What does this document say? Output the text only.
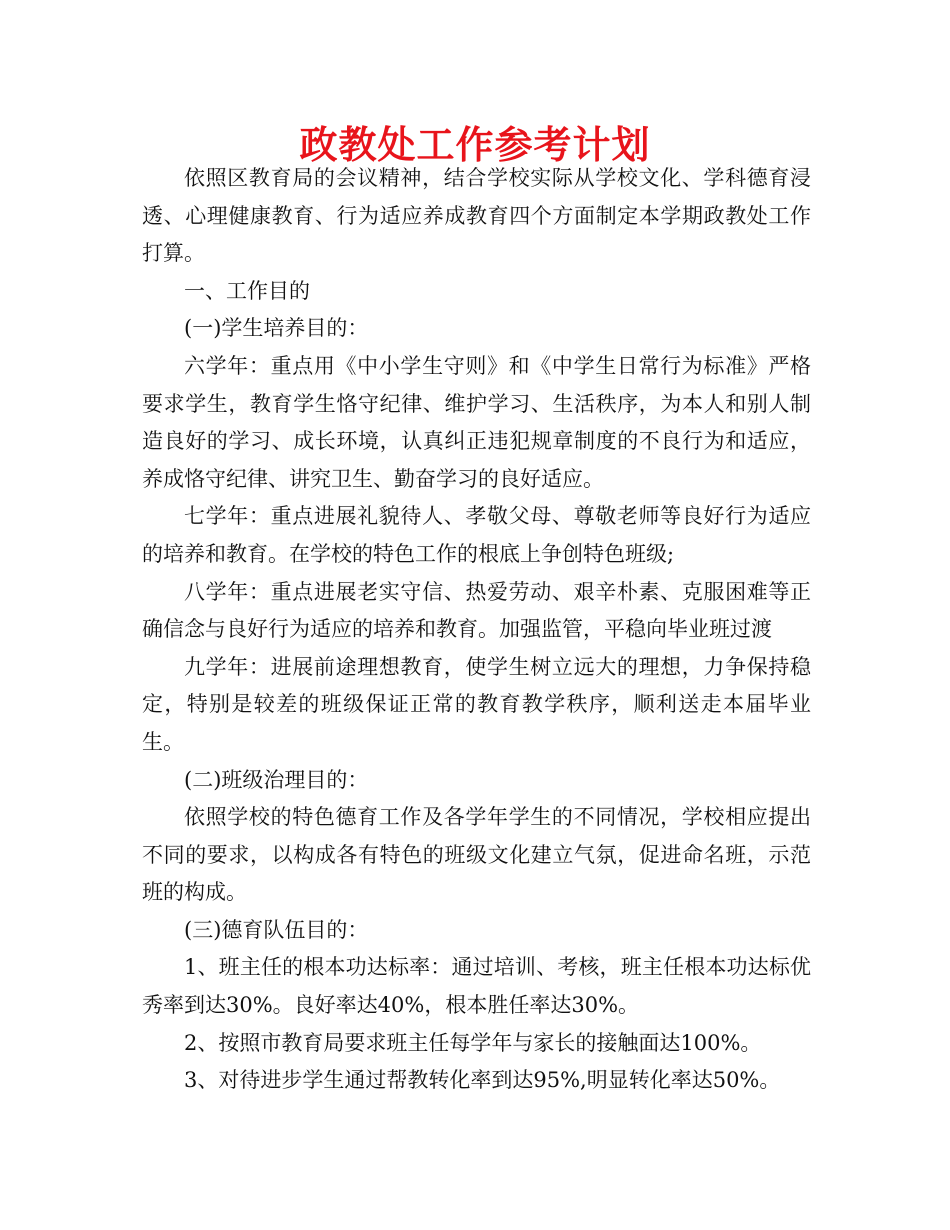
政教处工作参考计划

依照区教育局的会议精神，结合学校实际从学校文化、学科德育浸透、心理健康教育、行为适应养成教育四个方面制定本学期政教处工作打算。

一、工作目的

(一)学生培养目的：

六学年：重点用《中小学生守则》和《中学生日常行为标准》严格要求学生，教育学生恪守纪律、维护学习、生活秩序，为本人和别人制造良好的学习、成长环境，认真纠正违犯规章制度的不良行为和适应，养成恪守纪律、讲究卫生、勤奋学习的良好适应。

七学年：重点进展礼貌待人、孝敬父母、尊敬老师等良好行为适应的培养和教育。在学校的特色工作的根底上争创特色班级;

八学年：重点进展老实守信、热爱劳动、艰辛朴素、克服困难等正确信念与良好行为适应的培养和教育。加强监管，平稳向毕业班过渡

九学年：进展前途理想教育，使学生树立远大的理想，力争保持稳定，特别是较差的班级保证正常的教育教学秩序，顺利送走本届毕业生。

(二)班级治理目的：

依照学校的特色德育工作及各学年学生的不同情况，学校相应提出不同的要求，以构成各有特色的班级文化建立气氛，促进命名班，示范班的构成。

(三)德育队伍目的：

1、班主任的根本功达标率：通过培训、考核，班主任根本功达标优秀率到达30%。良好率达40%，根本胜任率达30%。

2、按照市教育局要求班主任每学年与家长的接触面达100%。

3、对待进步学生通过帮教转化率到达95%,明显转化率达50%。
